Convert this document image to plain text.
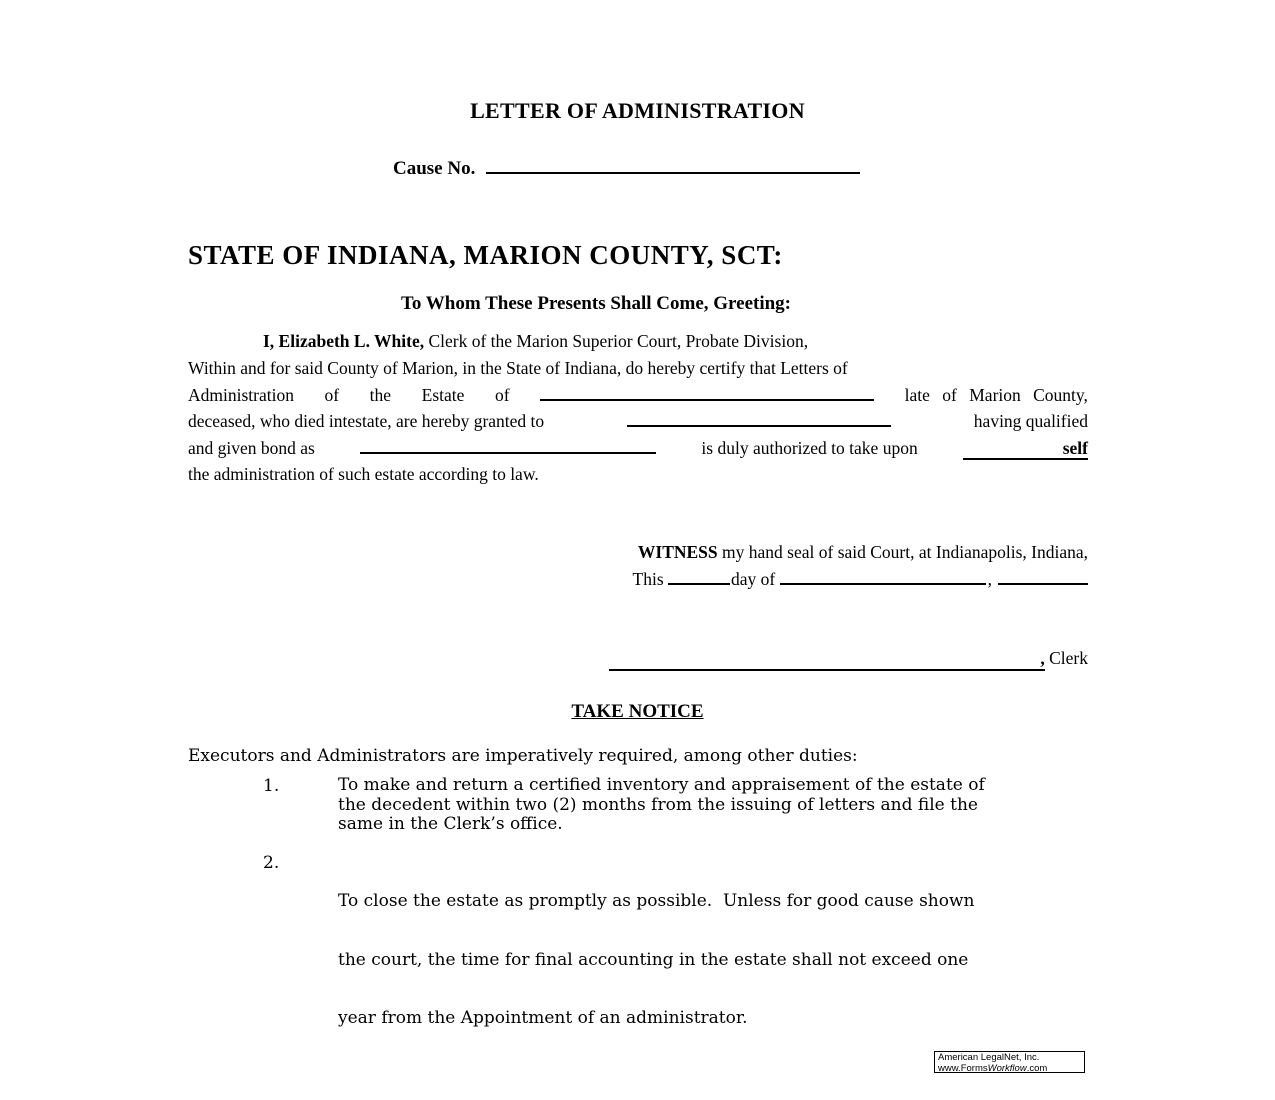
LETTER OF ADMINISTRATION
Cause No.
STATE OF INDIANA, MARION COUNTY, SCT:
To Whom These Presents Shall Come, Greeting:
I, Elizabeth L. White, Clerk of the Marion Superior Court, Probate Division,
Within and for said County of Marion, in the State of Indiana, do hereby certify that Letters of
Administration of the Estate of	late of Marion County,
deceased, who died intestate, are hereby granted to	having qualified
and given bond as	is duly authorized to take upon	self
the administration of such estate according to law.
WITNESS my hand seal of said Court, at Indianapolis, Indiana,
This	day of	,
, Clerk
TAKE NOTICE
Executors and Administrators are imperatively required, among other duties:
1.	To make and return a certified inventory and appraisement of the estate of
the decedent within two (2) months from the issuing of letters and file the
same in the Clerk’s office.
2.

To close the estate as promptly as possible.  Unless for good cause shown

the court, the time for final accounting in the estate shall not exceed one

year from the Appointment of an administrator.

American LegalNet, Inc.
www.FormsWorkflow.com
